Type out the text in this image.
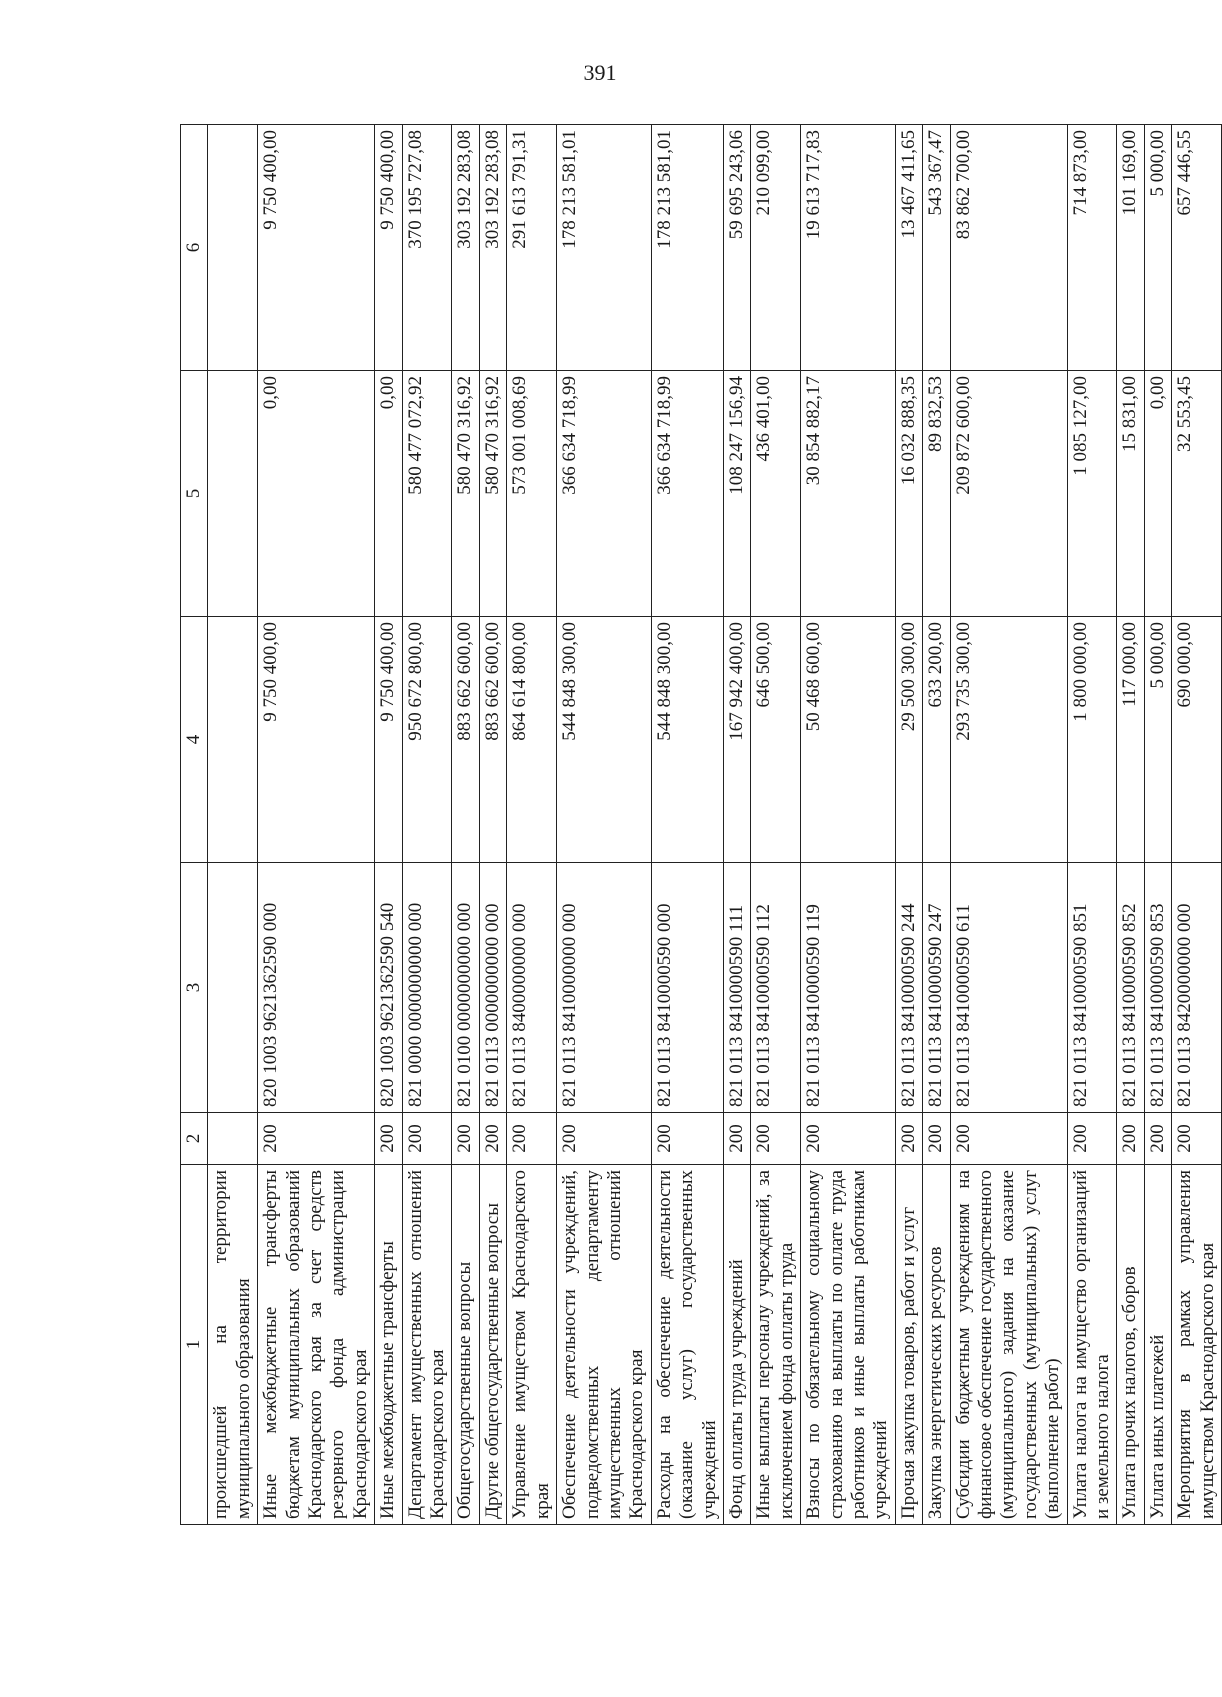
391
1	2	3	4	5	6
происшедшей на территории муниципального образования					
Иные межбюджетные трансферты бюджетам муниципальных образований Краснодарского края за счет средств резервного фонда администрации Краснодарского края	200	820 1003 9621362590 000	9 750 400,00	0,00	9 750 400,00
Иные межбюджетные трансферты	200	820 1003 9621362590 540	9 750 400,00	0,00	9 750 400,00
Департамент имущественных отношений Краснодарского края	200	821 0000 0000000000 000	950 672 800,00	580 477 072,92	370 195 727,08
Общегосударственные вопросы	200	821 0100 0000000000 000	883 662 600,00	580 470 316,92	303 192 283,08
Другие общегосударственные вопросы	200	821 0113 0000000000 000	883 662 600,00	580 470 316,92	303 192 283,08
Управление имуществом Краснодарского края	200	821 0113 8400000000 000	864 614 800,00	573 001 008,69	291 613 791,31
Обеспечение деятельности учреждений, подведомственных департаменту имущественных отношений Краснодарского края	200	821 0113 8410000000 000	544 848 300,00	366 634 718,99	178 213 581,01
Расходы на обеспечение деятельности (оказание услуг) государственных учреждений	200	821 0113 8410000590 000	544 848 300,00	366 634 718,99	178 213 581,01
Фонд оплаты труда учреждений	200	821 0113 8410000590 111	167 942 400,00	108 247 156,94	59 695 243,06
Иные выплаты персоналу учреждений, за исключением фонда оплаты труда	200	821 0113 8410000590 112	646 500,00	436 401,00	210 099,00
Взносы по обязательному социальному страхованию на выплаты по оплате труда работников и иные выплаты работникам учреждений	200	821 0113 8410000590 119	50 468 600,00	30 854 882,17	19 613 717,83
Прочая закупка товаров, работ и услуг	200	821 0113 8410000590 244	29 500 300,00	16 032 888,35	13 467 411,65
Закупка энергетических ресурсов	200	821 0113 8410000590 247	633 200,00	89 832,53	543 367,47
Субсидии бюджетным учреждениям на финансовое обеспечение государственного (муниципального) задания на оказание государственных (муниципальных) услуг (выполнение работ)	200	821 0113 8410000590 611	293 735 300,00	209 872 600,00	83 862 700,00
Уплата налога на имущество организаций и земельного налога	200	821 0113 8410000590 851	1 800 000,00	1 085 127,00	714 873,00
Уплата прочих налогов, сборов	200	821 0113 8410000590 852	117 000,00	15 831,00	101 169,00
Уплата иных платежей	200	821 0113 8410000590 853	5 000,00	0,00	5 000,00
Мероприятия в рамках управления имуществом Краснодарского края	200	821 0113 8420000000 000	690 000,00	32 553,45	657 446,55
